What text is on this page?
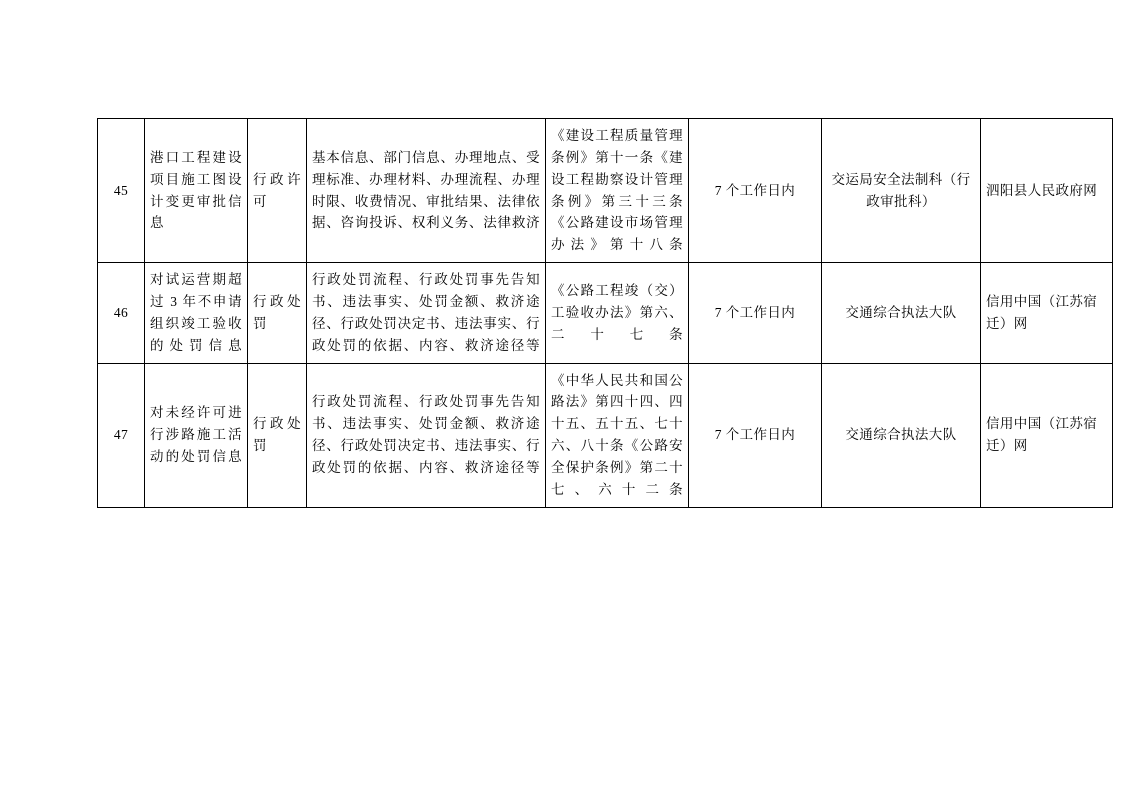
45	港口工程建设项目施工图设计变更审批信息	行政许可	基本信息、部门信息、办理地点、受理标准、办理材料、办理流程、办理时限、收费情况、审批结果、法律依据、咨询投诉、权利义务、法律救济	《建设工程质量管理条例》第十一条《建设工程勘察设计管理条例》第三十三条《公路建设市场管理办法》第十八条	7 个工作日内	交运局安全法制科（行政审批科）	泗阳县人民政府网

46	对试运营期超过 3 年不申请组织竣工验收的处罚信息	行政处罚	行政处罚流程、行政处罚事先告知书、违法事实、处罚金额、救济途径、行政处罚决定书、违法事实、行政处罚的依据、内容、救济途径等	《公路工程竣（交）工验收办法》第六、二十七条	7 个工作日内	交通综合执法大队	信用中国（江苏宿迁）网

47	对未经许可进行涉路施工活动的处罚信息	行政处罚	行政处罚流程、行政处罚事先告知书、违法事实、处罚金额、救济途径、行政处罚决定书、违法事实、行政处罚的依据、内容、救济途径等	《中华人民共和国公路法》第四十四、四十五、五十五、七十六、八十条《公路安全保护条例》第二十七、六十二条	7 个工作日内	交通综合执法大队	信用中国（江苏宿迁）网
